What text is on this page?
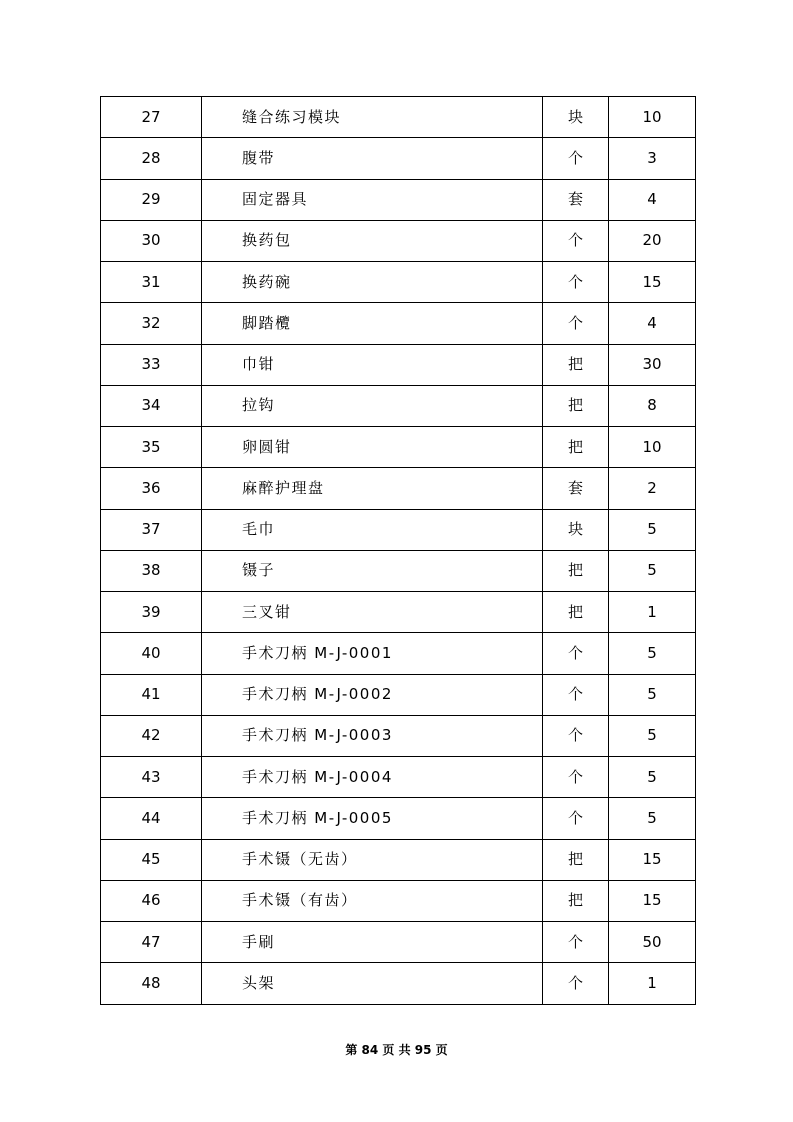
27	缝合练习模块	块	10
28	腹带	个	3
29	固定器具	套	4
30	换药包	个	20
31	换药碗	个	15
32	脚踏欖	个	4
33	巾钳	把	30
34	拉钩	把	8
35	卵圆钳	把	10
36	麻醉护理盘	套	2
37	毛巾	块	5
38	镊子	把	5
39	三叉钳	把	1
40	手术刀柄 M-J-0001	个	5
41	手术刀柄 M-J-0002	个	5
42	手术刀柄 M-J-0003	个	5
43	手术刀柄 M-J-0004	个	5
44	手术刀柄 M-J-0005	个	5
45	手术镊（无齿）	把	15
46	手术镊（有齿）	把	15
47	手刷	个	50
48	头架	个	1
第 84 页 共 95 页
